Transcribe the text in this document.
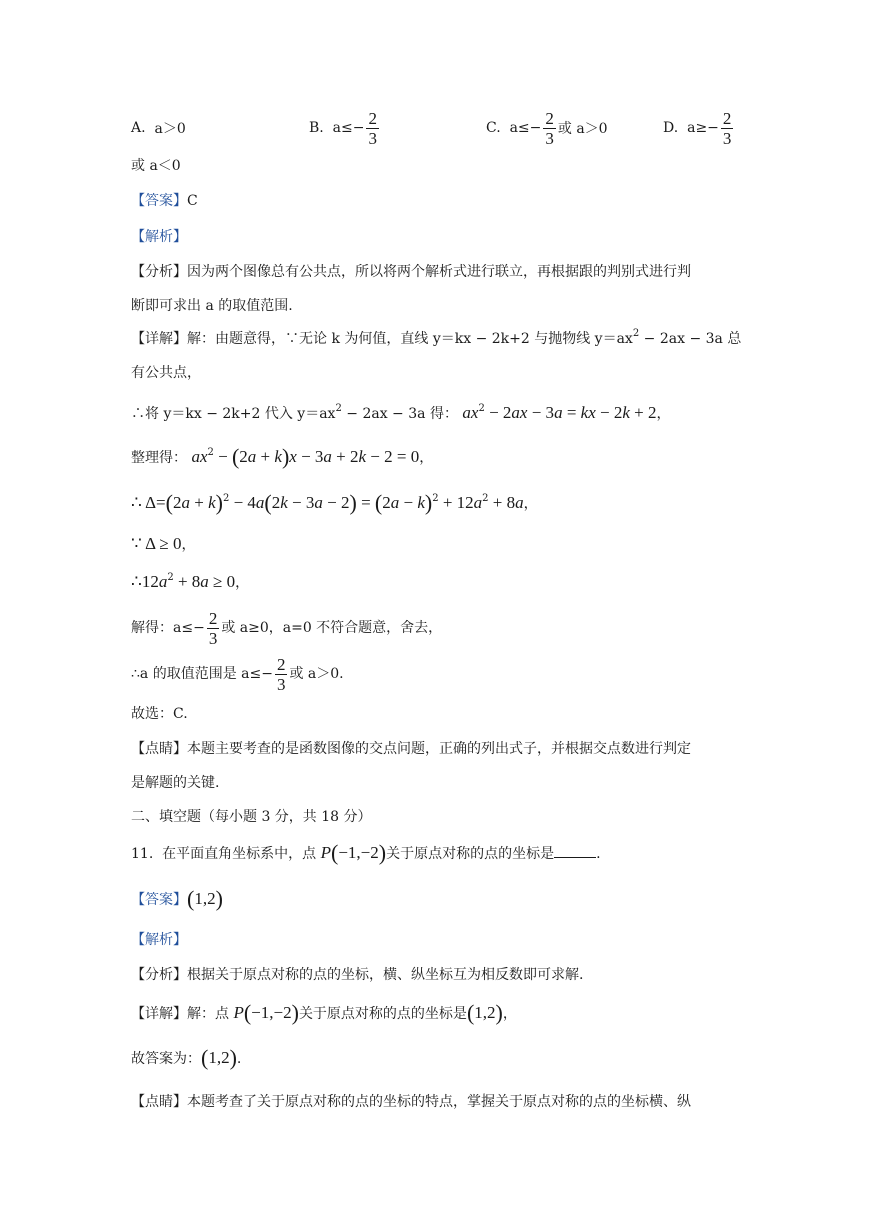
A.
a＞0	B.
$a\le- \frac{2}{3}$	C.
$a\le- \frac{2}{3}$ 或 a＞0	D.
$a\ge- \frac{2}{3}$
或 a＜0
【答案】C
【解析】
【分析】因为两个图像总有公共点，所以将两个解析式进行联立，再根据跟的判别式进行判
断即可求出 a 的取值范围.
【详解】解：由题意得，∵无论 k 为何值，直线 y＝kx − 2k+2 与抛物线 $y=ax^2 - 2ax - 3a$ 总
有公共点，
∴将 y＝kx − 2k+2 代入 $y=ax^2 - 2ax - 3a$ 得： $ax^2 - 2ax - 3a$ = kx − 2k + 2，
整理得： $ax^2 - (2a + k)x - 3a + 2k - 2 = 0$，
∴ $\Delta=(2a + k)^2 - 4a(2k - 3a - 2) = (2a - k)^2 + 12a^2 + 8a$，
∵ Δ ≥ 0，
$\therefore 12a^2 + 8a \ge 0$，
解得：$a\le- \frac{2}{3}$ 或 a≥0，a=0 不符合题意，舍去，
∴a 的取值范围是 $a\le- \frac{2}{3}$ 或 a＞0.
故选：C.
【点睛】本题主要考查的是函数图像的交点问题，正确的列出式子，并根据交点数进行判定
是解题的关键.
二、填空题（每小题 3 分，共 18 分）
11. 在平面直角坐标系中，点 P(−1,−2)关于原点对称的点的坐标是	.
【答案】(1,2)
【解析】
【分析】根据关于原点对称的点的坐标，横、纵坐标互为相反数即可求解.
【详解】解：点 P(−1,−2)关于原点对称的点的坐标是(1,2)，
故答案为：(1,2).
【点睛】本题考查了关于原点对称的点的坐标的特点，掌握关于原点对称的点的坐标横、纵
